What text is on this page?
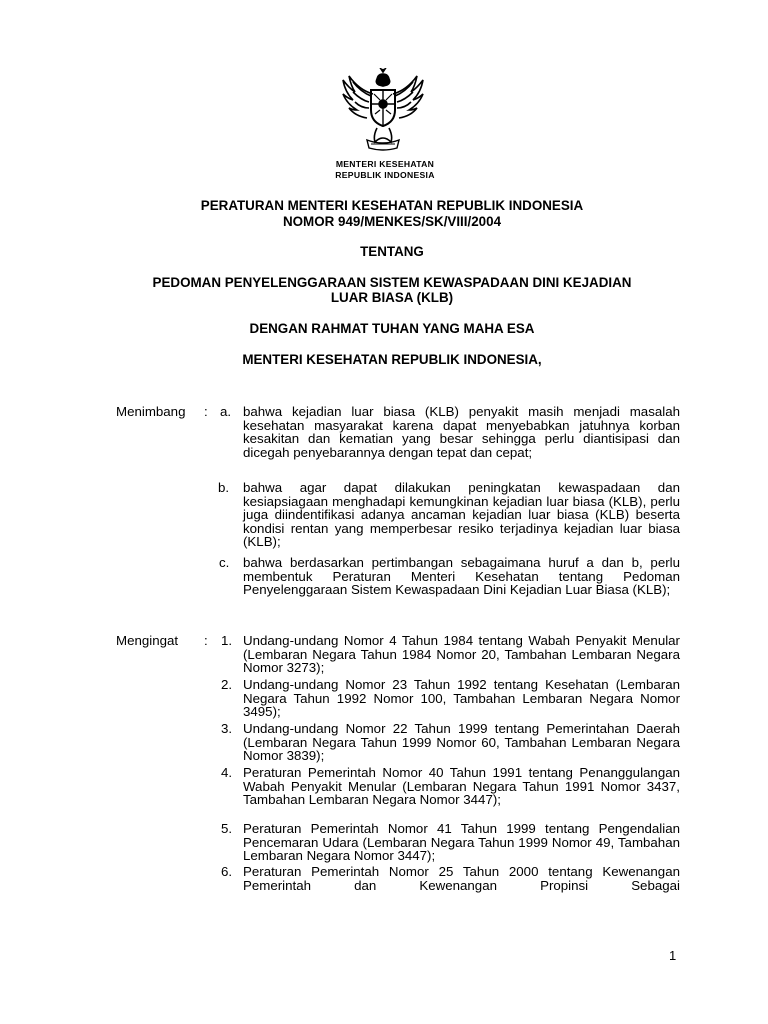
MENTERI KESEHATAN
REPUBLIK INDONESIA
PERATURAN MENTERI KESEHATAN REPUBLIK INDONESIA
NOMOR 949/MENKES/SK/VIII/2004
TENTANG
PEDOMAN PENYELENGGARAAN SISTEM KEWASPADAAN DINI KEJADIAN
LUAR BIASA (KLB)
DENGAN RAHMAT TUHAN YANG MAHA ESA
MENTERI KESEHATAN REPUBLIK INDONESIA,
Menimbang : a. bahwa kejadian luar biasa (KLB) penyakit masih menjadi masalah kesehatan masyarakat karena dapat menyebabkan jatuhnya korban kesakitan dan kematian yang besar sehingga perlu diantisipasi dan dicegah penyebarannya dengan tepat dan cepat;
b. bahwa agar dapat dilakukan peningkatan kewaspadaan dan kesiapsiagaan menghadapi kemungkinan kejadian luar biasa (KLB), perlu juga diindentifikasi adanya ancaman kejadian luar biasa (KLB) beserta kondisi rentan yang memperbesar resiko terjadinya kejadian luar biasa (KLB);
c. bahwa berdasarkan pertimbangan sebagaimana huruf a dan b, perlu membentuk Peraturan Menteri Kesehatan tentang Pedoman Penyelenggaraan Sistem Kewaspadaan Dini Kejadian Luar Biasa (KLB);
Mengingat : 1. Undang-undang Nomor 4 Tahun 1984 tentang Wabah Penyakit Menular (Lembaran Negara Tahun 1984 Nomor 20, Tambahan Lembaran Negara Nomor 3273);
2. Undang-undang Nomor 23 Tahun 1992 tentang Kesehatan (Lembaran Negara Tahun 1992 Nomor 100, Tambahan Lembaran Negara Nomor 3495);
3. Undang-undang Nomor 22 Tahun 1999 tentang Pemerintahan Daerah (Lembaran Negara Tahun 1999 Nomor 60, Tambahan Lembaran Negara Nomor 3839);
4. Peraturan Pemerintah Nomor 40 Tahun 1991 tentang Penanggulangan Wabah Penyakit Menular (Lembaran Negara Tahun 1991 Nomor 3437, Tambahan Lembaran Negara Nomor 3447);
5. Peraturan Pemerintah Nomor 41 Tahun 1999 tentang Pengendalian Pencemaran Udara (Lembaran Negara Tahun 1999 Nomor 49, Tambahan Lembaran Negara Nomor 3447);
6. Peraturan Pemerintah Nomor 25 Tahun 2000 tentang Kewenangan Pemerintah dan Kewenangan Propinsi Sebagai
1
